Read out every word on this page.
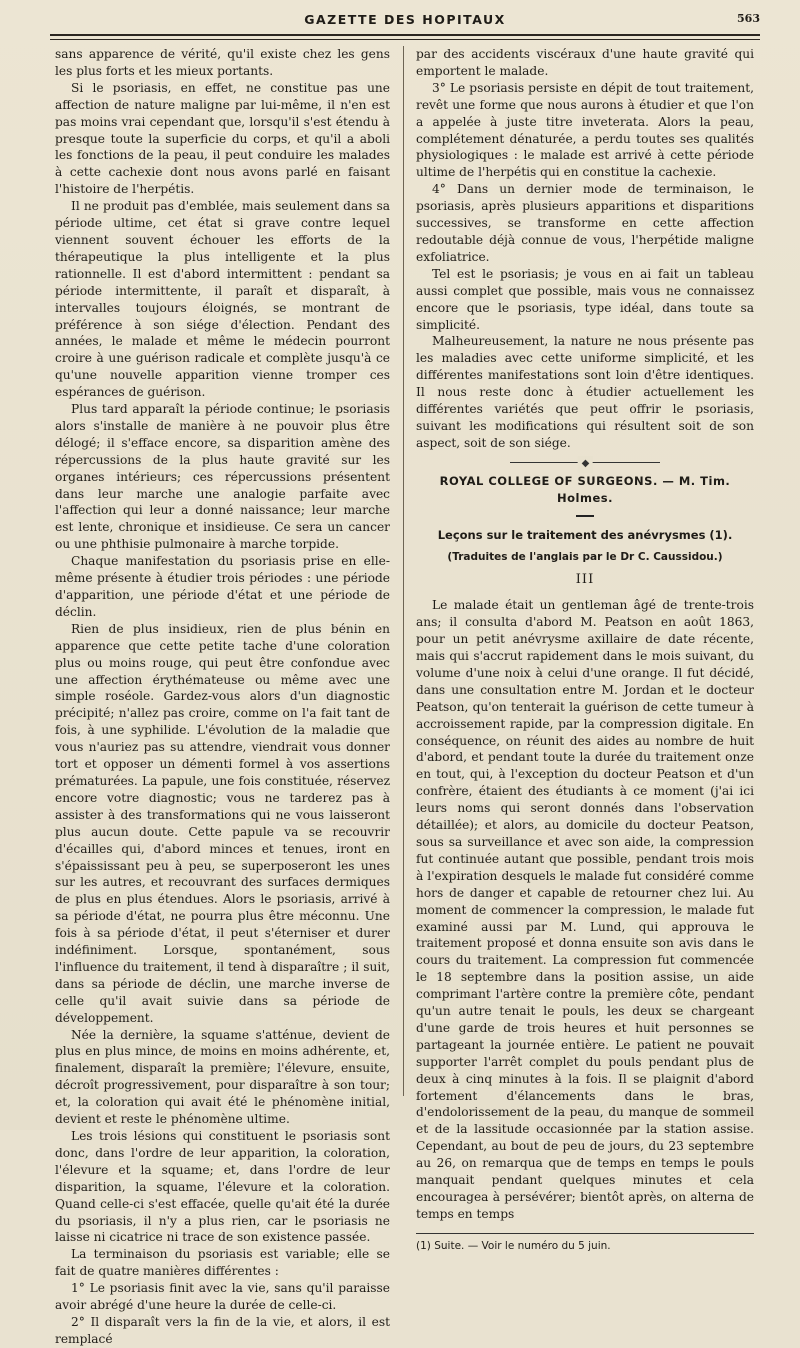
GAZETTE DES HOPITAUX	563

sans apparence de vérité, qu'il existe chez les gens les plus forts et les mieux portants.

Si le psoriasis, en effet, ne constitue pas une affection de nature maligne par lui-même, il n'en est pas moins vrai cependant que, lorsqu'il s'est étendu à presque toute la superficie du corps, et qu'il a aboli les fonctions de la peau, il peut conduire les malades à cette cachexie dont nous avons parlé en faisant l'histoire de l'herpétis.

Il ne produit pas d'emblée, mais seulement dans sa période ultime, cet état si grave contre lequel viennent souvent échouer les efforts de la thérapeutique la plus intelligente et la plus rationnelle. Il est d'abord intermittent : pendant sa période intermittente, il paraît et disparaît, à intervalles toujours éloignés, se montrant de préférence à son siége d'élection. Pendant des années, le malade et même le médecin pourront croire à une guérison radicale et complète jusqu'à ce qu'une nouvelle apparition vienne tromper ces espérances de guérison.

Plus tard apparaît la période continue; le psoriasis alors s'installe de manière à ne pouvoir plus être délogé; il s'efface encore, sa disparition amène des répercussions de la plus haute gravité sur les organes intérieurs; ces répercussions présentent dans leur marche une analogie parfaite avec l'affection qui leur a donné naissance; leur marche est lente, chronique et insidieuse. Ce sera un cancer ou une phthisie pulmonaire à marche torpide.

Chaque manifestation du psoriasis prise en elle-même présente à étudier trois périodes : une période d'apparition, une période d'état et une période de déclin.

Rien de plus insidieux, rien de plus bénin en apparence que cette petite tache d'une coloration plus ou moins rouge, qui peut être confondue avec une affection érythémateuse ou même avec une simple roséole. Gardez-vous alors d'un diagnostic précipité; n'allez pas croire, comme on l'a fait tant de fois, à une syphilide. L'évolution de la maladie que vous n'auriez pas su attendre, viendrait vous donner tort et opposer un démenti formel à vos assertions prématurées. La papule, une fois constituée, réservez encore votre diagnostic; vous ne tarderez pas à assister à des transformations qui ne vous laisseront plus aucun doute. Cette papule va se recouvrir d'écailles qui, d'abord minces et tenues, iront en s'épaississant peu à peu, se superposeront les unes sur les autres, et recouvrant des surfaces dermiques de plus en plus étendues. Alors le psoriasis, arrivé à sa période d'état, ne pourra plus être méconnu. Une fois à sa période d'état, il peut s'éterniser et durer indéfiniment. Lorsque, spontanément, sous l'influence du traitement, il tend à disparaître ; il suit, dans sa période de déclin, une marche inverse de celle qu'il avait suivie dans sa période de développement.

Née la dernière, la squame s'atténue, devient de plus en plus mince, de moins en moins adhérente, et, finalement, disparaît la première; l'élevure, ensuite, décroît progressivement, pour disparaître à son tour; et, la coloration qui avait été le phénomène initial, devient et reste le phénomène ultime.

Les trois lésions qui constituent le psoriasis sont donc, dans l'ordre de leur apparition, la coloration, l'élevure et la squame; et, dans l'ordre de leur disparition, la squame, l'élevure et la coloration. Quand celle-ci s'est effacée, quelle qu'ait été la durée du psoriasis, il n'y a plus rien, car le psoriasis ne laisse ni cicatrice ni trace de son existence passée.

La terminaison du psoriasis est variable; elle se fait de quatre manières différentes :

1° Le psoriasis finit avec la vie, sans qu'il paraisse avoir abrégé d'une heure la durée de celle-ci.

2° Il disparaît vers la fin de la vie, et alors, il est remplacé

par des accidents viscéraux d'une haute gravité qui emportent le malade.

3° Le psoriasis persiste en dépit de tout traitement, revêt une forme que nous aurons à étudier et que l'on a appelée à juste titre inveterata. Alors la peau, complétement dénaturée, a perdu toutes ses qualités physiologiques : le malade est arrivé à cette période ultime de l'herpétis qui en constitue la cachexie.

4° Dans un dernier mode de terminaison, le psoriasis, après plusieurs apparitions et disparitions successives, se transforme en cette affection redoutable déjà connue de vous, l'herpétide maligne exfoliatrice.

Tel est le psoriasis; je vous en ai fait un tableau aussi complet que possible, mais vous ne connaissez encore que le psoriasis, type idéal, dans toute sa simplicité.

Malheureusement, la nature ne nous présente pas les maladies avec cette uniforme simplicité, et les différentes manifestations sont loin d'être identiques. Il nous reste donc à étudier actuellement les différentes variétés que peut offrir le psoriasis, suivant les modifications qui résultent soit de son aspect, soit de son siége.

◆
ROYAL COLLEGE OF SURGEONS. — M. Tim. Holmes.
Leçons sur le traitement des anévrysmes (1).
(Traduites de l'anglais par le Dr C. Caussidou.)
III

Le malade était un gentleman âgé de trente-trois ans; il consulta d'abord M. Peatson en août 1863, pour un petit anévrysme axillaire de date récente, mais qui s'accrut rapidement dans le mois suivant, du volume d'une noix à celui d'une orange. Il fut décidé, dans une consultation entre M. Jordan et le docteur Peatson, qu'on tenterait la guérison de cette tumeur à accroissement rapide, par la compression digitale. En conséquence, on réunit des aides au nombre de huit d'abord, et pendant toute la durée du traitement onze en tout, qui, à l'exception du docteur Peatson et d'un confrère, étaient des étudiants à ce moment (j'ai ici leurs noms qui seront donnés dans l'observation détaillée); et alors, au domicile du docteur Peatson, sous sa surveillance et avec son aide, la compression fut continuée autant que possible, pendant trois mois à l'expiration desquels le malade fut considéré comme hors de danger et capable de retourner chez lui. Au moment de commencer la compression, le malade fut examiné aussi par M. Lund, qui approuva le traitement proposé et donna ensuite son avis dans le cours du traitement. La compression fut commencée le 18 septembre dans la position assise, un aide comprimant l'artère contre la première côte, pendant qu'un autre tenait le pouls, les deux se chargeant d'une garde de trois heures et huit personnes se partageant la journée entière. Le patient ne pouvait supporter l'arrêt complet du pouls pendant plus de deux à cinq minutes à la fois. Il se plaignit d'abord fortement d'élancements dans le bras, d'endolorissement de la peau, du manque de sommeil et de la lassitude occasionnée par la station assise. Cependant, au bout de peu de jours, du 23 septembre au 26, on remarqua que de temps en temps le pouls manquait pendant quelques minutes et cela encouragea à persévérer; bientôt après, on alterna de temps en temps

(1) Suite. — Voir le numéro du 5 juin.
